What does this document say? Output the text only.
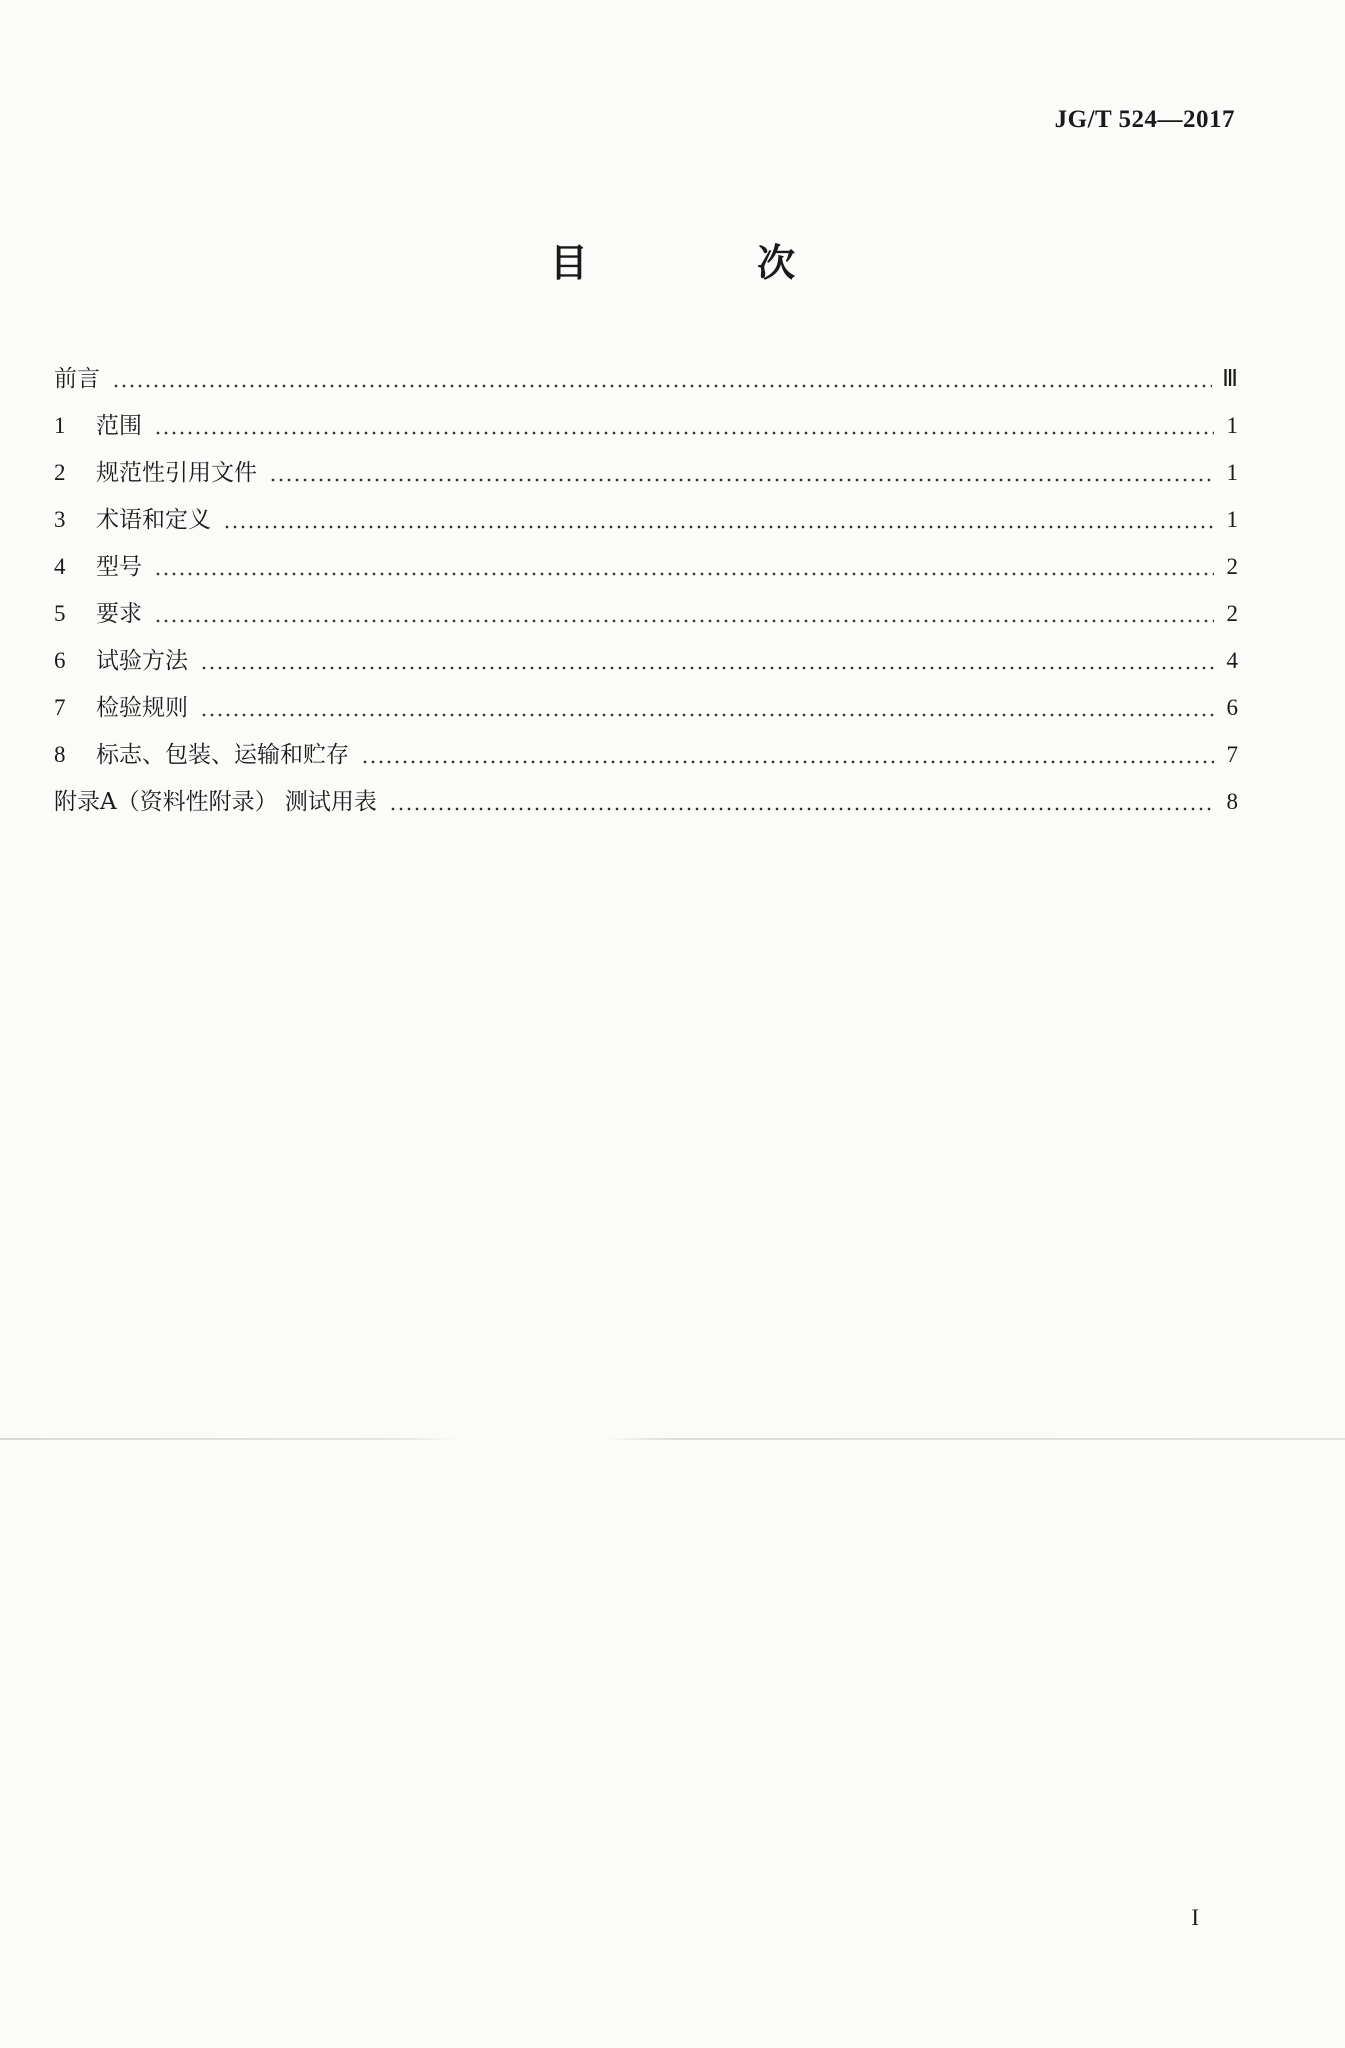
JG/T 524—2017
目 次
前言	Ⅲ
1	范围	1
2	规范性引用文件	1
3	术语和定义	1
4	型号	2
5	要求	2
6	试验方法	4
7	检验规则	6
8	标志、包装、运输和贮存	7
附录A（资料性附录） 测试用表	8
I
